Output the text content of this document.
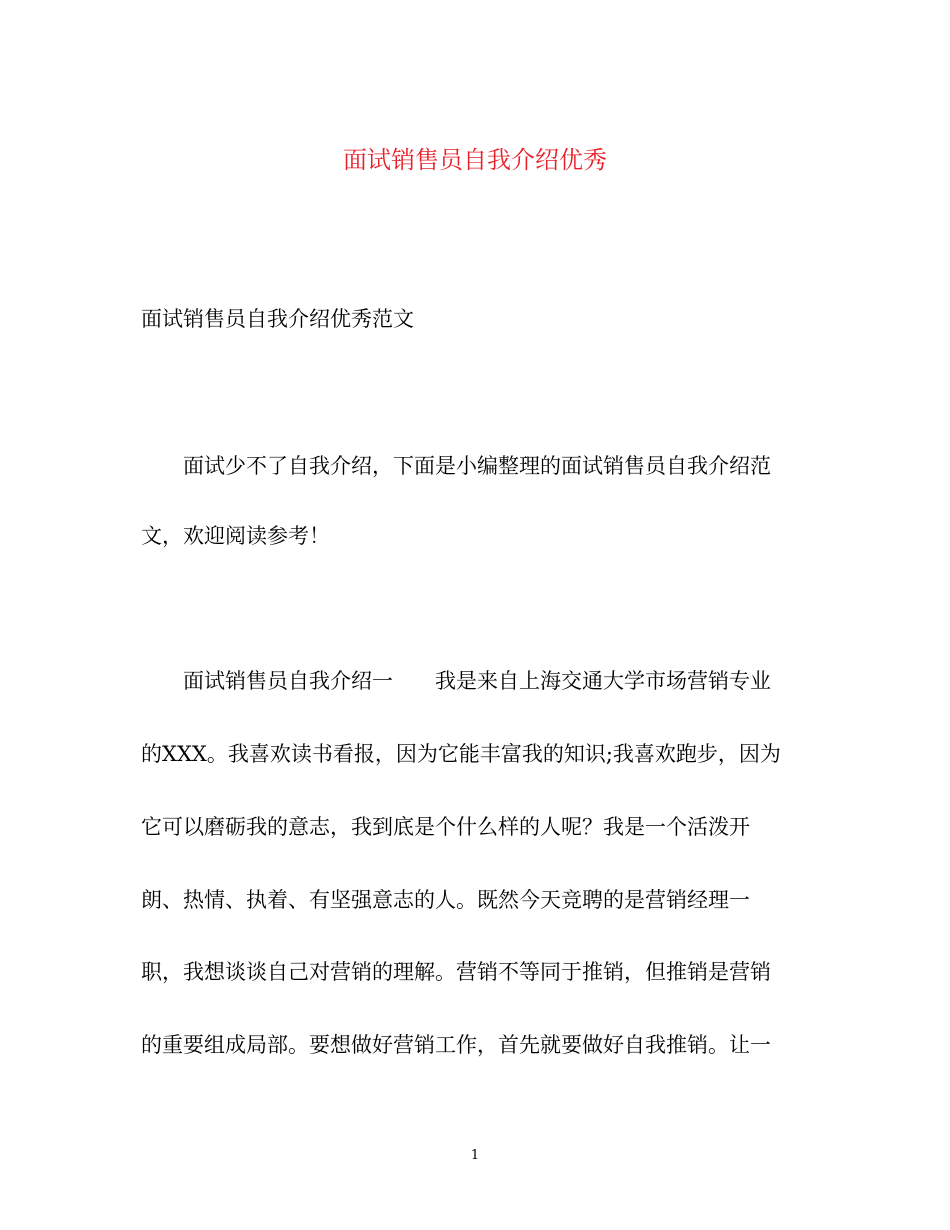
面试销售员自我介绍优秀
面试销售员自我介绍优秀范文
面试少不了自我介绍，下面是小编整理的面试销售员自我介绍范
文，欢迎阅读参考！
面试销售员自我介绍一　　我是来自上海交通大学市场营销专业
的XXX。我喜欢读书看报，因为它能丰富我的知识;我喜欢跑步，因为
它可以磨砺我的意志，我到底是个什么样的人呢？我是一个活泼开
朗、热情、执着、有坚强意志的人。既然今天竞聘的是营销经理一
职，我想谈谈自己对营销的理解。营销不等同于推销，但推销是营销
的重要组成局部。要想做好营销工作，首先就要做好自我推销。让一
1
